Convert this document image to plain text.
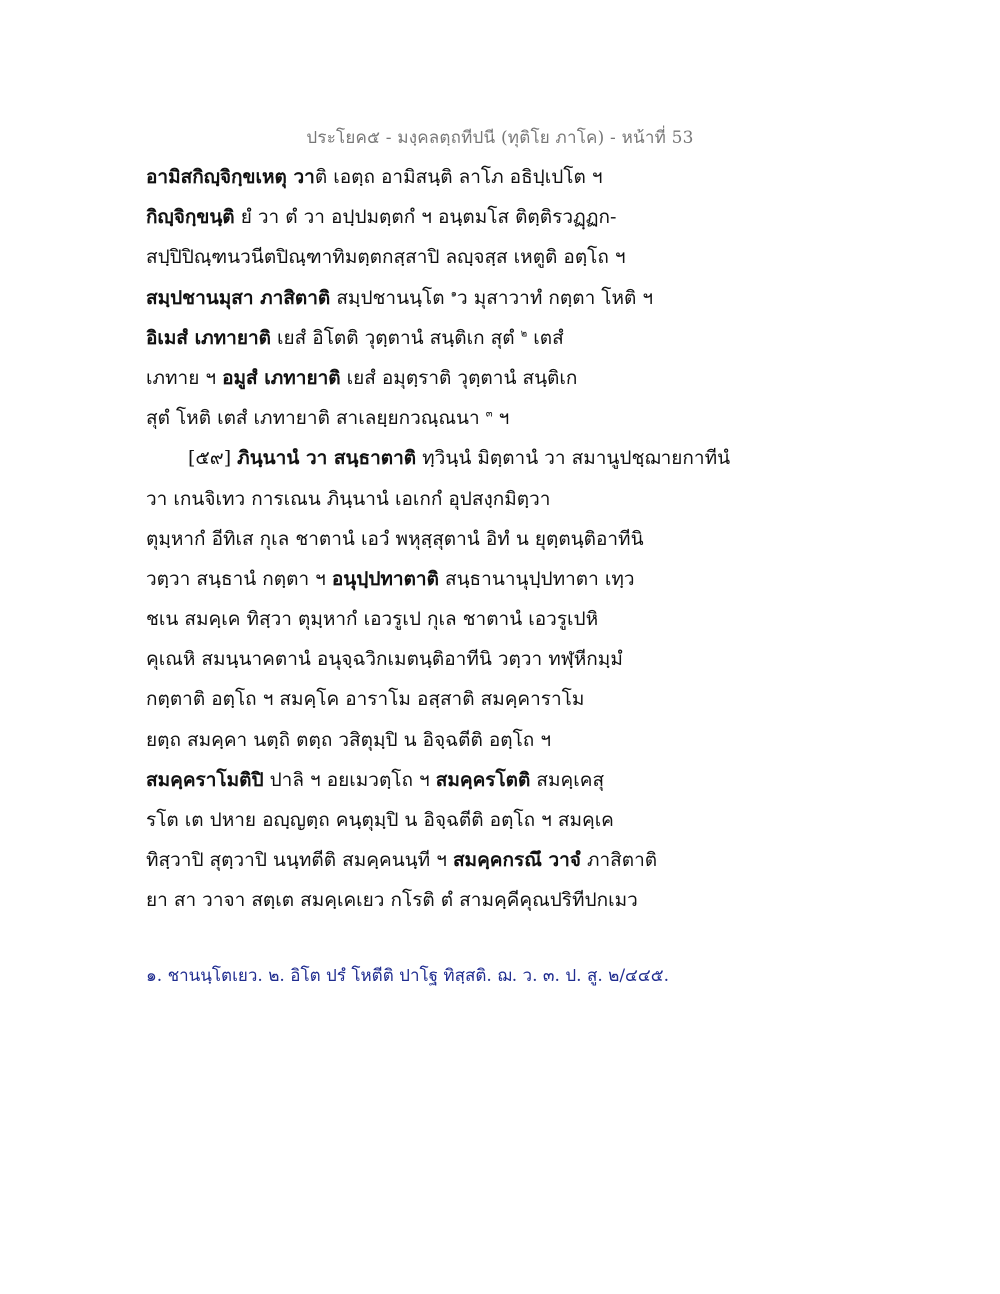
ประโยค๕ - มงฺคลตฺถทีปนี (ทุติโย ภาโค) - หน้าที่ 53
อามิสกิญฺจิกฺขเหตุ วาติ เอตฺถ อามิสนฺติ ลาโภ อธิปฺเปโต ฯ
กิญฺจิกฺขนฺติ ยํ วา ตํ วา อปฺปมตฺตกํ ฯ อนฺตมโส ติตฺติรวฏฺฏก-
สปฺปิปิณฺฑนวนีตปิณฺฑาทิมตฺตกสฺสาปิ ลญฺจสฺส เหตูติ อตฺโถ ฯ
สมฺปชานมุสา ภาสิตาติ สมฺปชานนฺโต $^๑$ว มุสาวาทํ กตฺตา โหติ ฯ
อิเมสํ เภทายาติ เยสํ อิโตติ วุตฺตานํ สนฺติเก สุตํ $^๒$ เตสํ
เภทาย ฯ อมูสํ เภทายาติ เยสํ อมุตฺราติ วุตฺตานํ สนฺติเก
สุตํ โหติ เตสํ เภทายาติ สาเลยฺยกวณฺณนา $^๓$ ฯ
[๕๙] ภินฺนานํ วา สนฺธาตาติ ทฺวินฺนํ มิตฺตานํ วา สมานูปชฺฌายกาทีนํ
วา เกนจิเทว การเณน ภินฺนานํ เอเกกํ อุปสงฺกมิตฺวา
ตุมฺหากํ อีทิเส กุเล ชาตานํ เอวํ พหุสฺสุตานํ อิทํ น ยุตฺตนฺติอาทีนิ
วตฺวา สนฺธานํ กตฺตา ฯ อนุปฺปทาตาติ สนฺธานานุปฺปทาตา เทฺว
ชเน สมคฺเค ทิสฺวา ตุมฺหากํ เอวรูเป กุเล ชาตานํ เอวรูเปหิ
คุเณหิ สมนฺนาคตานํ อนุจฺฉวิกเมตนฺติอาทีนิ วตฺวา ทฬฺหีกมฺมํ
กตฺตาติ อตฺโถ ฯ สมคฺโค อาราโม อสฺสาติ สมคฺคาราโม
ยตฺถ สมคฺคา นตฺถิ ตตฺถ วสิตุมฺปิ น อิจฺฉตีติ อตฺโถ ฯ
สมคฺคราโมติปิ ปาลิ ฯ อยเมวตฺโถ ฯ สมคฺครโตติ สมคฺเคสุ
รโต เต ปหาย อญฺญตฺถ คนฺตุมฺปิ น อิจฺฉตีติ อตฺโถ ฯ สมคฺเค
ทิสฺวาปิ สุตฺวาปิ นนฺทตีติ สมคฺคนนฺที ฯ สมคฺคกรณึ วาจํ ภาสิตาติ
ยา สา วาจา สตฺเต สมคฺเคเยว กโรติ ตํ สามคฺคีคุณปริทีปกเมว
๑. ชานนฺโตเยว. ๒. อิโต ปรํ โหตีติ ปาโฐ ทิสฺสติ. ฌ. ว. ๓. ป. สู. ๒/๔๔๕.
